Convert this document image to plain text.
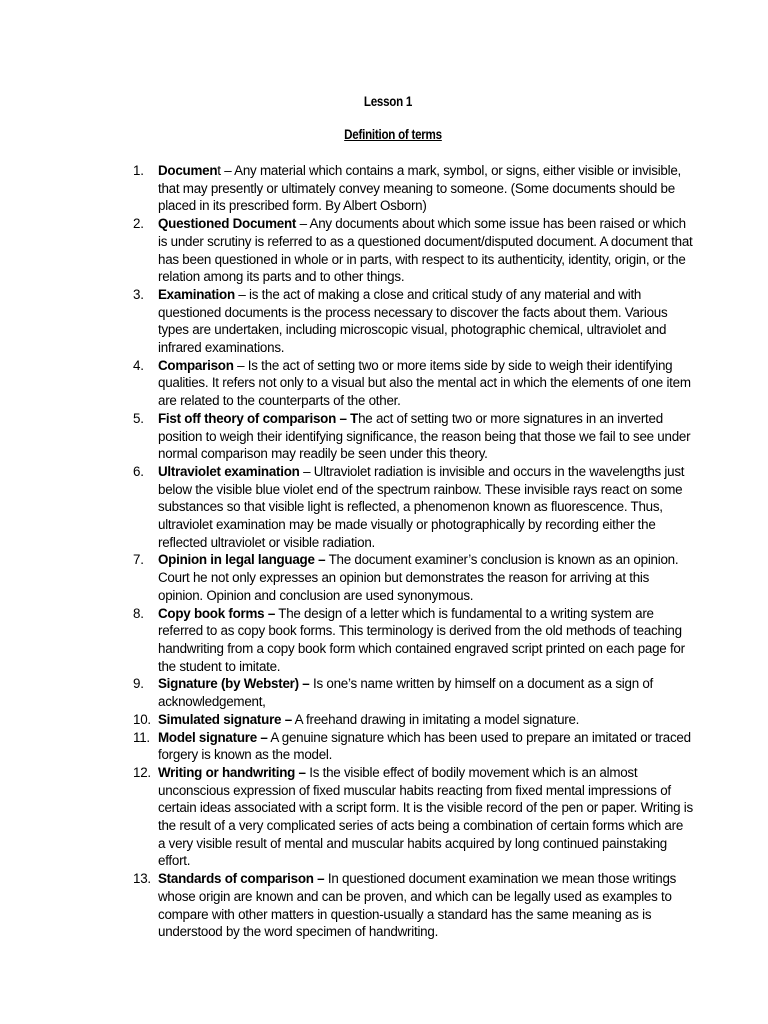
Lesson 1
Definition of terms
1.	Document – Any material which contains a mark, symbol, or signs, either visible or invisible, that may presently or ultimately convey meaning to someone. (Some documents should be placed in its prescribed form. By Albert Osborn)
2.	Questioned Document – Any documents about which some issue has been raised or which is under scrutiny is referred to as a questioned document/disputed document. A document that has been questioned in whole or in parts, with respect to its authenticity, identity, origin, or the relation among its parts and to other things.
3.	Examination – is the act of making a close and critical study of any material and with questioned documents is the process necessary to discover the facts about them. Various types are undertaken, including microscopic visual, photographic chemical, ultraviolet and infrared examinations.
4.	Comparison – Is the act of setting two or more items side by side to weigh their identifying qualities. It refers not only to a visual but also the mental act in which the elements of one item are related to the counterparts of the other.
5.	Fist off theory of comparison – The act of setting two or more signatures in an inverted position to weigh their identifying significance, the reason being that those we fail to see under normal comparison may readily be seen under this theory.
6.	Ultraviolet examination – Ultraviolet radiation is invisible and occurs in the wavelengths just below the visible blue violet end of the spectrum rainbow. These invisible rays react on some substances so that visible light is reflected, a phenomenon known as fluorescence. Thus, ultraviolet examination may be made visually or photographically by recording either the reflected ultraviolet or visible radiation.
7.	Opinion in legal language – The document examiner’s conclusion is known as an opinion. Court he not only expresses an opinion but demonstrates the reason for arriving at this opinion. Opinion and conclusion are used synonymous.
8.	Copy book forms – The design of a letter which is fundamental to a writing system are referred to as copy book forms. This terminology is derived from the old methods of teaching handwriting from a copy book form which contained engraved script printed on each page for the student to imitate.
9.	Signature (by Webster) – Is one’s name written by himself on a document as a sign of acknowledgement,
10. Simulated signature – A freehand drawing in imitating a model signature.
11. Model signature – A genuine signature which has been used to prepare an imitated or traced forgery is known as the model.
12. Writing or handwriting – Is the visible effect of bodily movement which is an almost unconscious expression of fixed muscular habits reacting from fixed mental impressions of certain ideas associated with a script form. It is the visible record of the pen or paper. Writing is the result of a very complicated series of acts being a combination of certain forms which are a very visible result of mental and muscular habits acquired by long continued painstaking effort.
13. Standards of comparison – In questioned document examination we mean those writings whose origin are known and can be proven, and which can be legally used as examples to compare with other matters in question-usually a standard has the same meaning as is understood by the word specimen of handwriting.
